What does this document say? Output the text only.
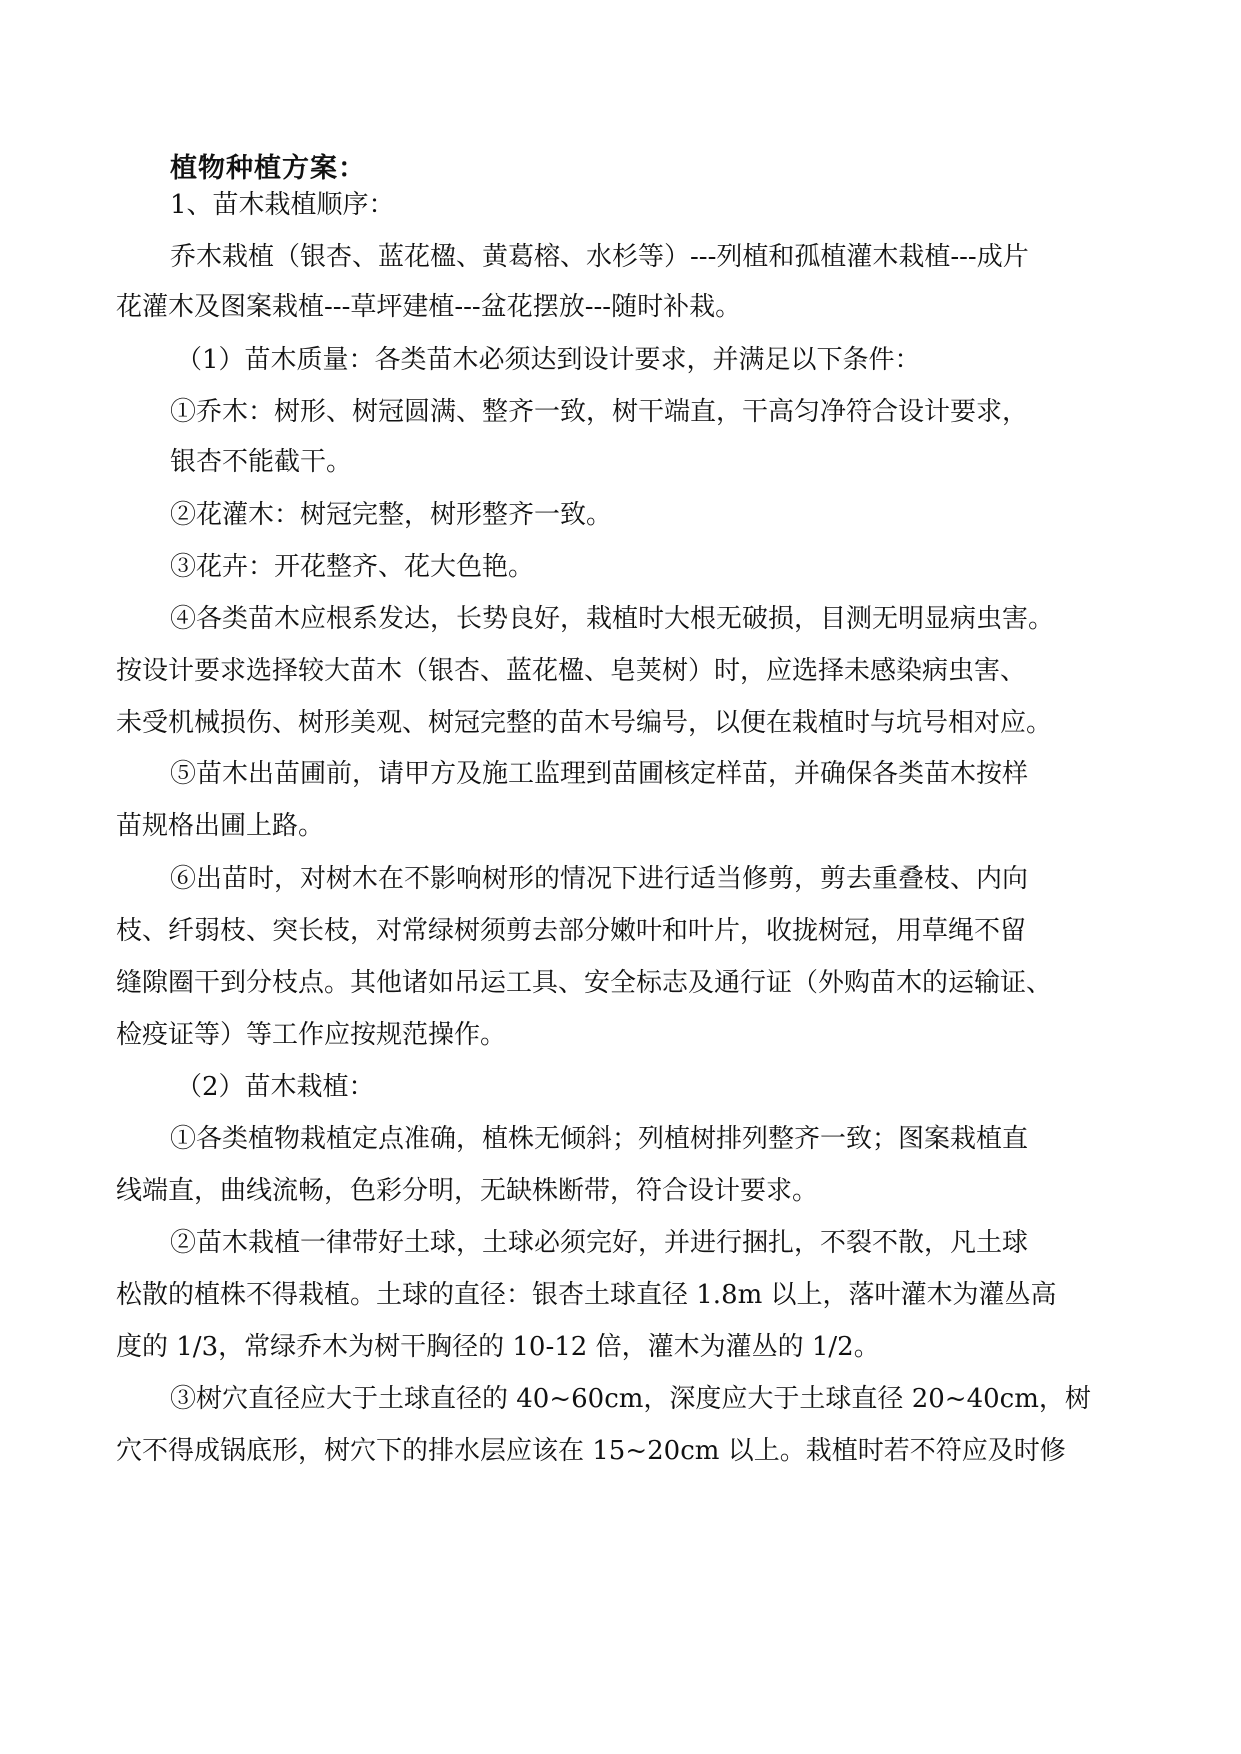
植物种植方案：
1、苗木栽植顺序：
乔木栽植（银杏、蓝花楹、黄葛榕、水杉等）---列植和孤植灌木栽植---成片
花灌木及图案栽植---草坪建植---盆花摆放---随时补栽。
（1）苗木质量：各类苗木必须达到设计要求，并满足以下条件：
①乔木：树形、树冠圆满、整齐一致，树干端直，干高匀净符合设计要求，
银杏不能截干。
②花灌木：树冠完整，树形整齐一致。
③花卉：开花整齐、花大色艳。
④各类苗木应根系发达，长势良好，栽植时大根无破损，目测无明显病虫害。
按设计要求选择较大苗木（银杏、蓝花楹、皂荚树）时，应选择未感染病虫害、
未受机械损伤、树形美观、树冠完整的苗木号编号，以便在栽植时与坑号相对应。
⑤苗木出苗圃前，请甲方及施工监理到苗圃核定样苗，并确保各类苗木按样
苗规格出圃上路。
⑥出苗时，对树木在不影响树形的情况下进行适当修剪，剪去重叠枝、内向
枝、纤弱枝、突长枝，对常绿树须剪去部分嫩叶和叶片，收拢树冠，用草绳不留
缝隙圈干到分枝点。其他诸如吊运工具、安全标志及通行证（外购苗木的运输证、
检疫证等）等工作应按规范操作。
（2）苗木栽植：
①各类植物栽植定点准确，植株无倾斜；列植树排列整齐一致；图案栽植直
线端直，曲线流畅，色彩分明，无缺株断带，符合设计要求。
②苗木栽植一律带好土球，土球必须完好，并进行捆扎，不裂不散，凡土球
松散的植株不得栽植。土球的直径：银杏土球直径 1.8m 以上，落叶灌木为灌丛高
度的 1/3，常绿乔木为树干胸径的 10-12 倍，灌木为灌丛的 1/2。
③树穴直径应大于土球直径的 40~60cm，深度应大于土球直径 20~40cm，树
穴不得成锅底形，树穴下的排水层应该在 15~20cm 以上。栽植时若不符应及时修
